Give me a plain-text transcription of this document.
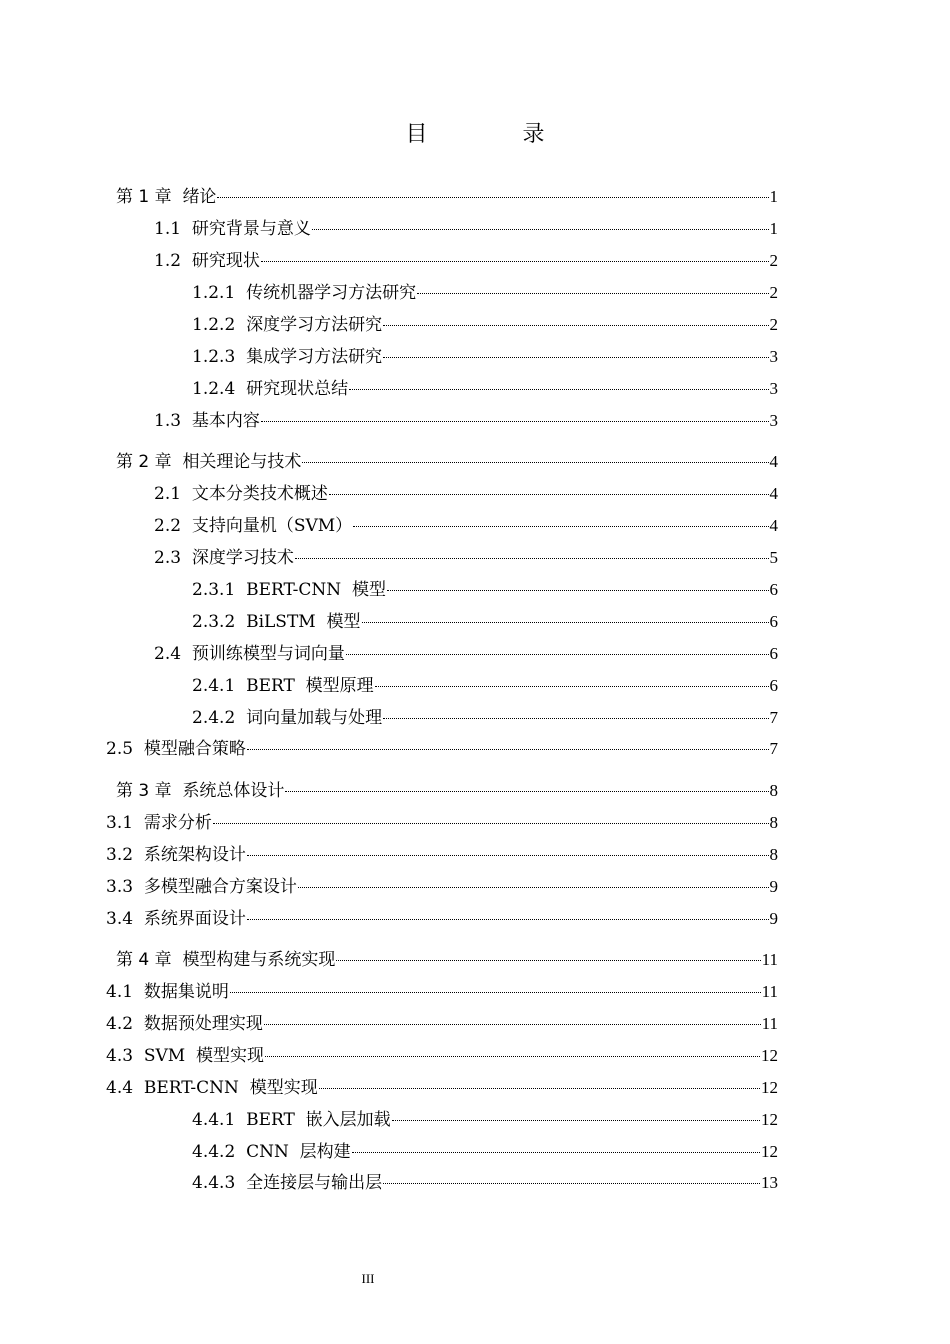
目 录
第 1 章  绪论	1
1.1  研究背景与意义	1
1.2  研究现状	2
1.2.1  传统机器学习方法研究	2
1.2.2  深度学习方法研究	2
1.2.3  集成学习方法研究	3
1.2.4  研究现状总结	3
1.3  基本内容	3
第 2 章  相关理论与技术	4
2.1  文本分类技术概述	4
2.2  支持向量机（SVM）	4
2.3  深度学习技术	5
2.3.1  BERT-CNN  模型	6
2.3.2  BiLSTM  模型	6
2.4  预训练模型与词向量	6
2.4.1  BERT  模型原理	6
2.4.2  词向量加载与处理	7
2.5  模型融合策略	7
第 3 章  系统总体设计	8
3.1  需求分析	8
3.2  系统架构设计	8
3.3  多模型融合方案设计	9
3.4  系统界面设计	9
第 4 章  模型构建与系统实现	11
4.1  数据集说明	11
4.2  数据预处理实现	11
4.3  SVM  模型实现	12
4.4  BERT-CNN  模型实现	12
4.4.1  BERT  嵌入层加载	12
4.4.2  CNN  层构建	12
4.4.3  全连接层与输出层	13
III
